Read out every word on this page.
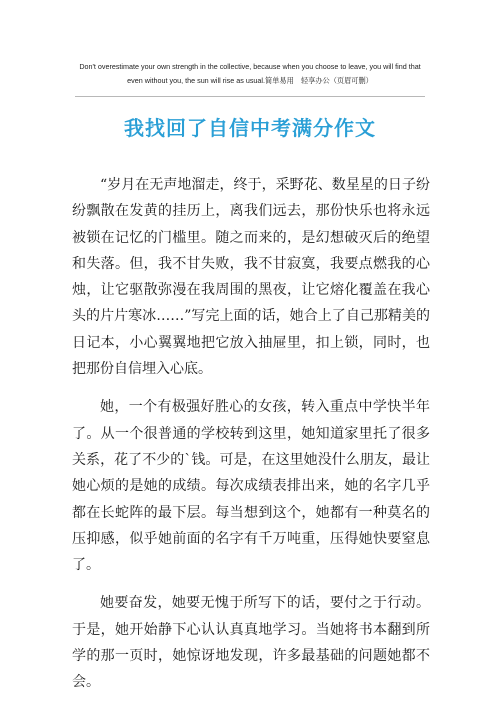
Don't overestimate your own strength in the collective, because when you choose to leave, you will find that
even without you, the sun will rise as usual.简单易用　轻享办公（页眉可删）
我找回了自信中考满分作文

“岁月在无声地溜走，终于，采野花、数星星的日子纷纷飘散在发黄的挂历上，离我们远去，那份快乐也将永远被锁在记忆的门槛里。随之而来的，是幻想破灭后的绝望和失落。但，我不甘失败，我不甘寂寞，我要点燃我的心烛，让它驱散弥漫在我周围的黑夜，让它熔化覆盖在我心头的片片寒冰……”写完上面的话，她合上了自己那精美的日记本，小心翼翼地把它放入抽屉里，扣上锁，同时，也把那份自信埋入心底。

她，一个有极强好胜心的女孩，转入重点中学快半年了。从一个很普通的学校转到这里，她知道家里托了很多关系，花了不少的`钱。可是，在这里她没什么朋友，最让她心烦的是她的成绩。每次成绩表排出来，她的名字几乎都在长蛇阵的最下层。每当想到这个，她都有一种莫名的压抑感，似乎她前面的名字有千万吨重，压得她快要窒息了。

她要奋发，她要无愧于所写下的话，要付之于行动。于是，她开始静下心认认真真地学习。当她将书本翻到所学的那一页时，她惊讶地发现，许多最基础的问题她都不会。
